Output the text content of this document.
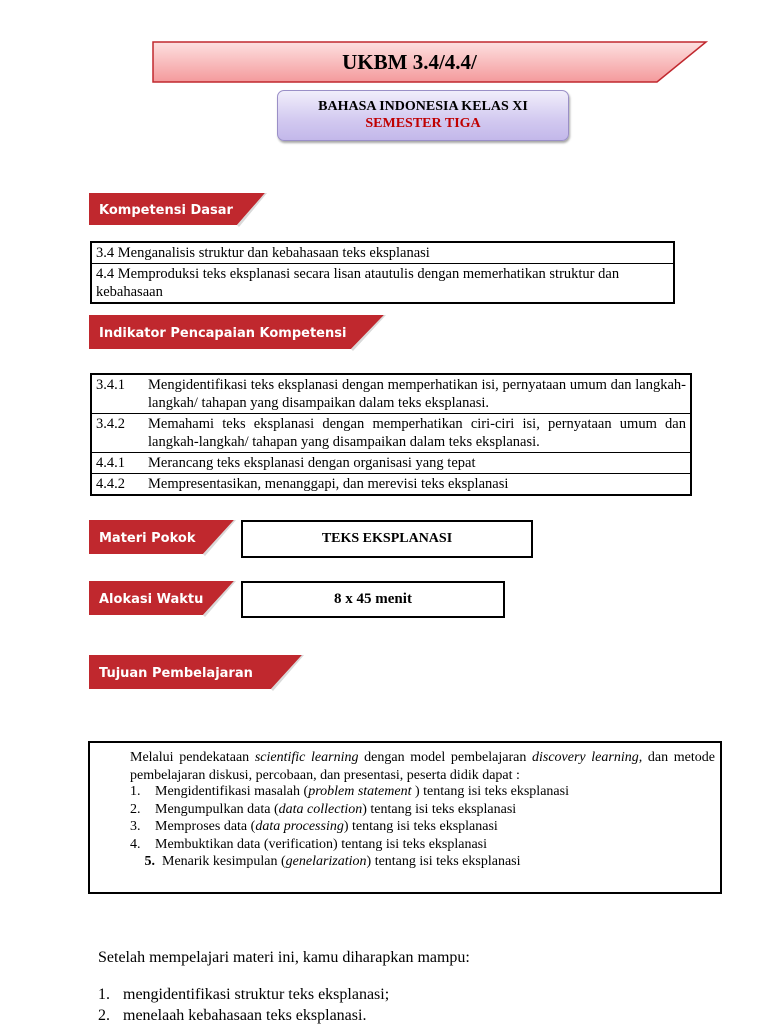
UKBM 3.4/4.4/
BAHASA INDONESIA KELAS XI
SEMESTER TIGA
Kompetensi Dasar
3.4 Menganalisis struktur dan kebahasaan teks eksplanasi
4.4 Memproduksi teks eksplanasi secara lisan atautulis dengan memerhatikan struktur dan kebahasaan
Indikator Pencapaian Kompetensi
3.4.1	Mengidentifikasi teks eksplanasi dengan memperhatikan isi, pernyataan umum dan langkah-langkah/ tahapan yang disampaikan dalam teks eksplanasi.

3.4.2	Memahami teks eksplanasi dengan memperhatikan ciri-ciri isi, pernyataan umum dan langkah-langkah/ tahapan yang disampaikan dalam teks eksplanasi.

4.4.1	Merancang teks eksplanasi dengan organisasi yang tepat

4.4.2	Mempresentasikan, menanggapi, dan merevisi teks eksplanasi
Materi Pokok	TEKS EKSPLANASI
Alokasi Waktu	8 x 45 menit
Tujuan Pembelajaran
Melalui pendekataan scientific learning dengan model pembelajaran discovery learning, dan metode pembelajaran diskusi, percobaan, dan presentasi, peserta didik dapat :
1.	Mengidentifikasi masalah (problem statement ) tentang isi teks eksplanasi
2.	Mengumpulkan data (data collection) tentang isi teks eksplanasi
3.	Memproses data (data processing) tentang isi teks eksplanasi
4.	Membuktikan data (verification) tentang isi teks eksplanasi
5. Menarik kesimpulan (genelarization) tentang isi teks eksplanasi
Setelah mempelajari materi ini, kamu diharapkan mampu:
1. mengidentifikasi struktur teks eksplanasi;
2. menelaah kebahasaan teks eksplanasi.
